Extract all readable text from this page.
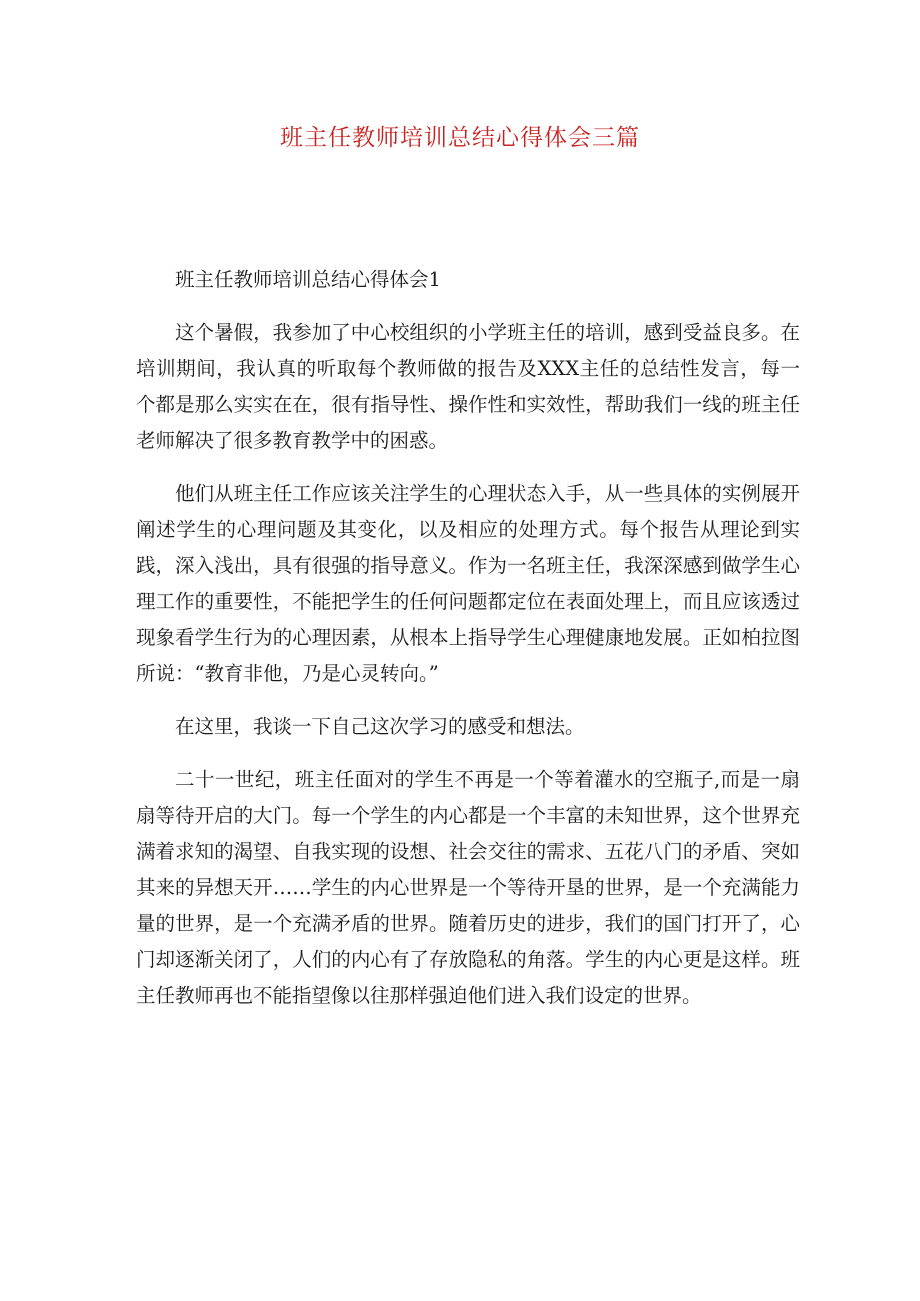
班主任教师培训总结心得体会三篇

班主任教师培训总结心得体会1

这个暑假，我参加了中心校组织的小学班主任的培训，感到受益良多。在培训期间，我认真的听取每个教师做的报告及XXX主任的总结性发言，每一个都是那么实实在在，很有指导性、操作性和实效性，帮助我们一线的班主任老师解决了很多教育教学中的困惑。

他们从班主任工作应该关注学生的心理状态入手，从一些具体的实例展开阐述学生的心理问题及其变化，以及相应的处理方式。每个报告从理论到实践，深入浅出，具有很强的指导意义。作为一名班主任，我深深感到做学生心理工作的重要性，不能把学生的任何问题都定位在表面处理上，而且应该透过现象看学生行为的心理因素，从根本上指导学生心理健康地发展。正如柏拉图所说：“教育非他，乃是心灵转向。”

在这里，我谈一下自己这次学习的感受和想法。

二十一世纪，班主任面对的学生不再是一个等着灌水的空瓶子,而是一扇扇等待开启的大门。每一个学生的内心都是一个丰富的未知世界，这个世界充满着求知的渴望、自我实现的设想、社会交往的需求、五花八门的矛盾、突如其来的异想天开……学生的内心世界是一个等待开垦的世界，是一个充满能力量的世界，是一个充满矛盾的世界。随着历史的进步，我们的国门打开了，心门却逐渐关闭了，人们的内心有了存放隐私的角落。学生的内心更是这样。班主任教师再也不能指望像以往那样强迫他们进入我们设定的世界。
